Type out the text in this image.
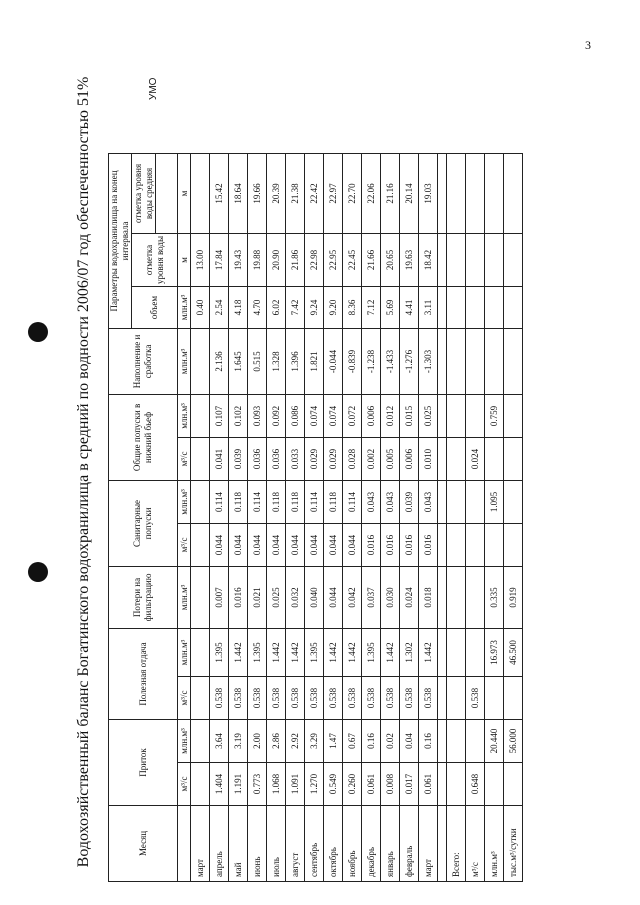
3
Водохозяйственный баланс Богатинского водохранилища в средний по водности 2006/07 год обеспеченностью 51%	УМО
Месяц	Приток		Полезная отдача		Потери на фильтрацию	Санитарные попуски		Общие попуски в нижний бьеф		Наполнение и сработка	Параметры водохранилища на конец интервала		
											объем	отметка уровня воды	отметка уровня воды средняя

	м³/с	млн.м³	м³/с	млн.м³	млн.м³	м³/с	млн.м³	м³/с	млн.м³	млн.м³	млн.м³	м	м
март											0.40	13.00	
апрель	1.404	3.64	0.538	1.395	0.007	0.044	0.114	0.041	0.107	2.136	2.54	17.84	15.42
май	1.191	3.19	0.538	1.442	0.016	0.044	0.118	0.039	0.102	1.645	4.18	19.43	18.64
июнь	0.773	2.00	0.538	1.395	0.021	0.044	0.114	0.036	0.093	0.515	4.70	19.88	19.66
июль	1.068	2.86	0.538	1.442	0.025	0.044	0.118	0.036	0.092	1.328	6.02	20.90	20.39
август	1.091	2.92	0.538	1.442	0.032	0.044	0.118	0.033	0.086	1.396	7.42	21.86	21.38
сентябрь	1.270	3.29	0.538	1.395	0.040	0.044	0.114	0.029	0.074	1.821	9.24	22.98	22.42
октябрь	0.549	1.47	0.538	1.442	0.044	0.044	0.118	0.029	0.074	-0.044	9.20	22.95	22.97
ноябрь	0.260	0.67	0.538	1.442	0.042	0.044	0.114	0.028	0.072	-0.839	8.36	22.45	22.70
декабрь	0.061	0.16	0.538	1.395	0.037	0.016	0.043	0.002	0.006	-1.238	7.12	21.66	22.06
январь	0.008	0.02	0.538	1.442	0.030	0.016	0.043	0.005	0.012	-1.433	5.69	20.65	21.16
февраль	0.017	0.04	0.538	1.302	0.024	0.016	0.039	0.006	0.015	-1.276	4.41	19.63	20.14
март	0.061	0.16	0.538	1.442	0.018	0.016	0.043	0.010	0.025	-1.303	3.11	18.42	19.03

Всего:													
м³/с	0.648		0.538					0.024					
млн.м³		20.440		16.973	0.335		1.095		0.759				
тыс.м³/сутки		56.000		46.500	0.919								
